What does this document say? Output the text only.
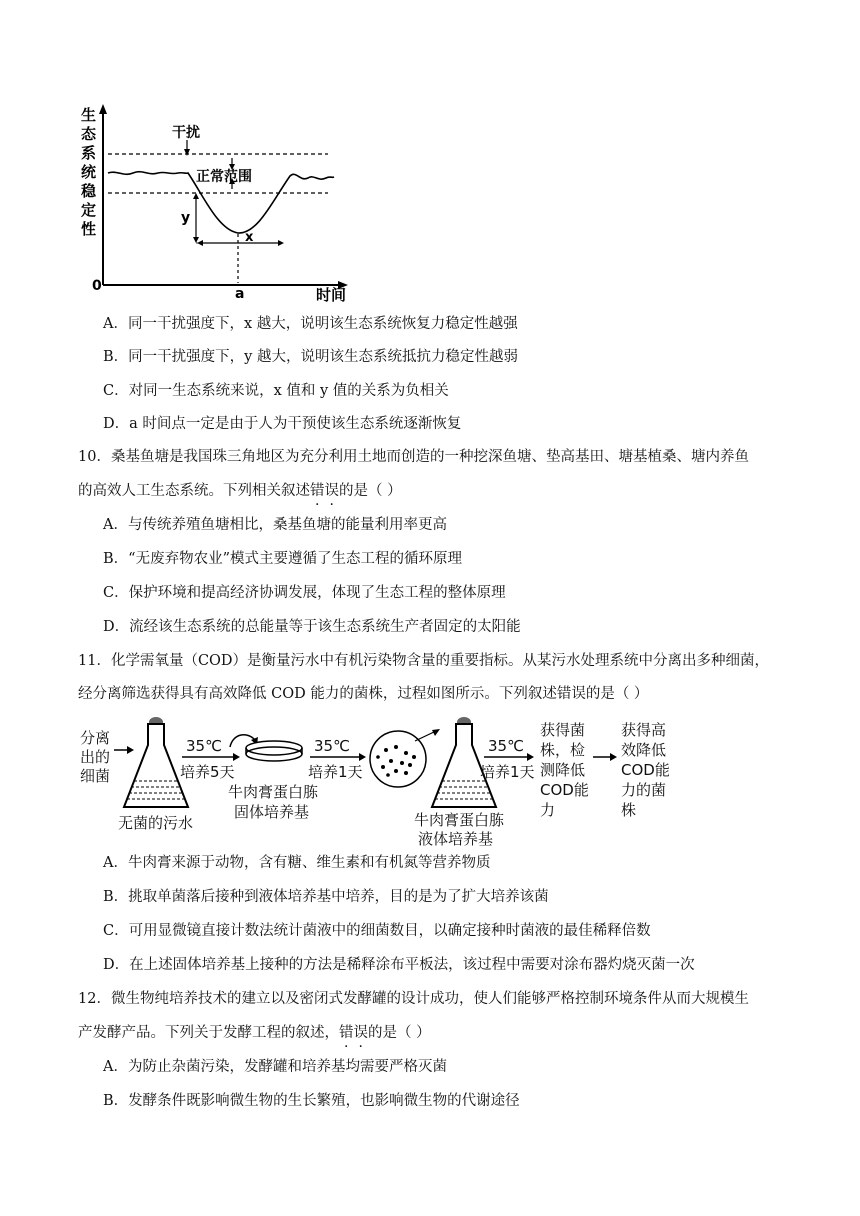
生
态
系
统
稳
定
性
0	时间
干扰
正常范围
y
x
a
A．同一干扰强度下，x 越大，说明该生态系统恢复力稳定性越强
B．同一干扰强度下，y 越大，说明该生态系统抵抗力稳定性越弱
C．对同一生态系统来说，x 值和 y 值的关系为负相关
D．a 时间点一定是由于人为干预使该生态系统逐渐恢复
10．桑基鱼塘是我国珠三角地区为充分利用土地而创造的一种挖深鱼塘、垫高基田、塘基植桑、塘内养鱼
的高效人工生态系统。下列相关叙述错误的是（ ）
A．与传统养殖鱼塘相比，桑基鱼塘的能量利用率更高
B．“无废弃物农业”模式主要遵循了生态工程的循环原理
C．保护环境和提高经济协调发展，体现了生态工程的整体原理
D．流经该生态系统的总能量等于该生态系统生产者固定的太阳能
11．化学需氧量（COD）是衡量污水中有机污染物含量的重要指标。从某污水处理系统中分离出多种细菌，
经分离筛选获得具有高效降低 COD 能力的菌株，过程如图所示。下列叙述错误的是（ ）
分离
出的
细菌
无菌的污水
35℃
培养5天
牛肉膏蛋白胨
固体培养基
35℃
培养1天
牛肉膏蛋白胨
液体培养基
35℃
培养1天
获得菌
株，检
测降低
COD能
力
获得高
效降低
COD能
力的菌
株
A．牛肉膏来源于动物，含有糖、维生素和有机氮等营养物质
B．挑取单菌落后接种到液体培养基中培养，目的是为了扩大培养该菌
C．可用显微镜直接计数法统计菌液中的细菌数目，以确定接种时菌液的最佳稀释倍数
D．在上述固体培养基上接种的方法是稀释涂布平板法，该过程中需要对涂布器灼烧灭菌一次
12．微生物纯培养技术的建立以及密闭式发酵罐的设计成功，使人们能够严格控制环境条件从而大规模生
产发酵产品。下列关于发酵工程的叙述，错误的是（ ）
A．为防止杂菌污染，发酵罐和培养基均需要严格灭菌
B．发酵条件既影响微生物的生长繁殖，也影响微生物的代谢途径
